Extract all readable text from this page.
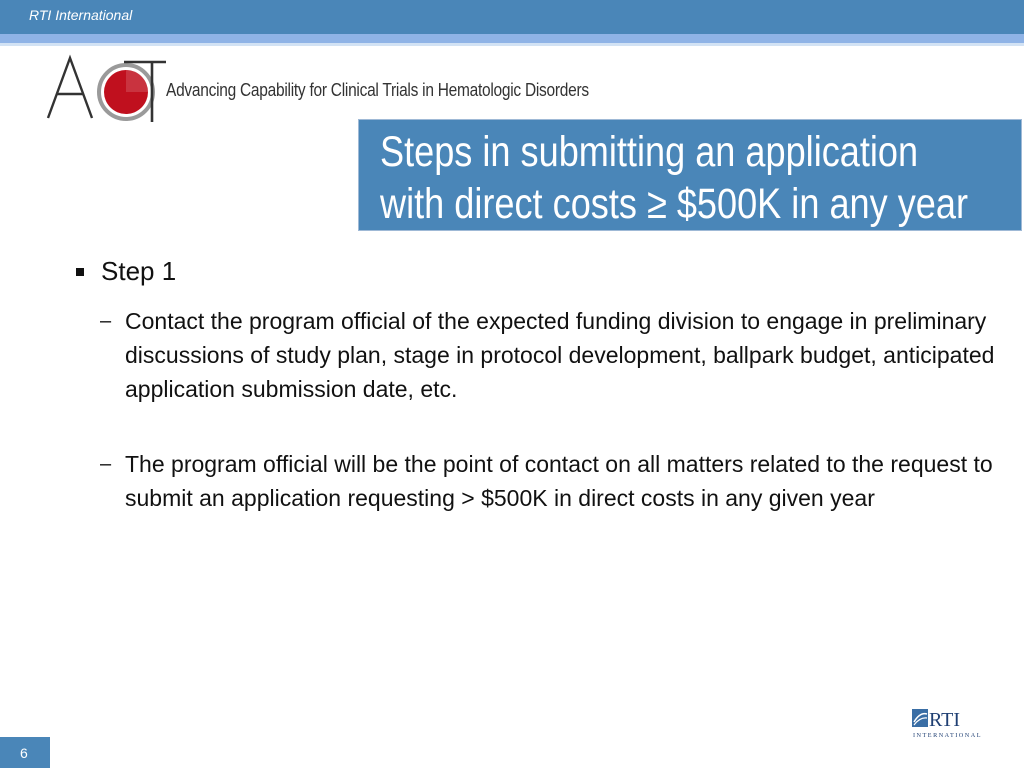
RTI International
Advancing Capability for Clinical Trials in Hematologic Disorders
Steps in submitting an application
with direct costs ≥ $500K in any year
Step 1
– Contact the program official of the expected funding division to engage in preliminary discussions of study plan, stage in protocol development, ballpark budget, anticipated application submission date, etc.
– The program official will be the point of contact on all matters related to the request to submit an application requesting > $500K in direct costs in any given year
RTI
INTERNATIONAL
6
